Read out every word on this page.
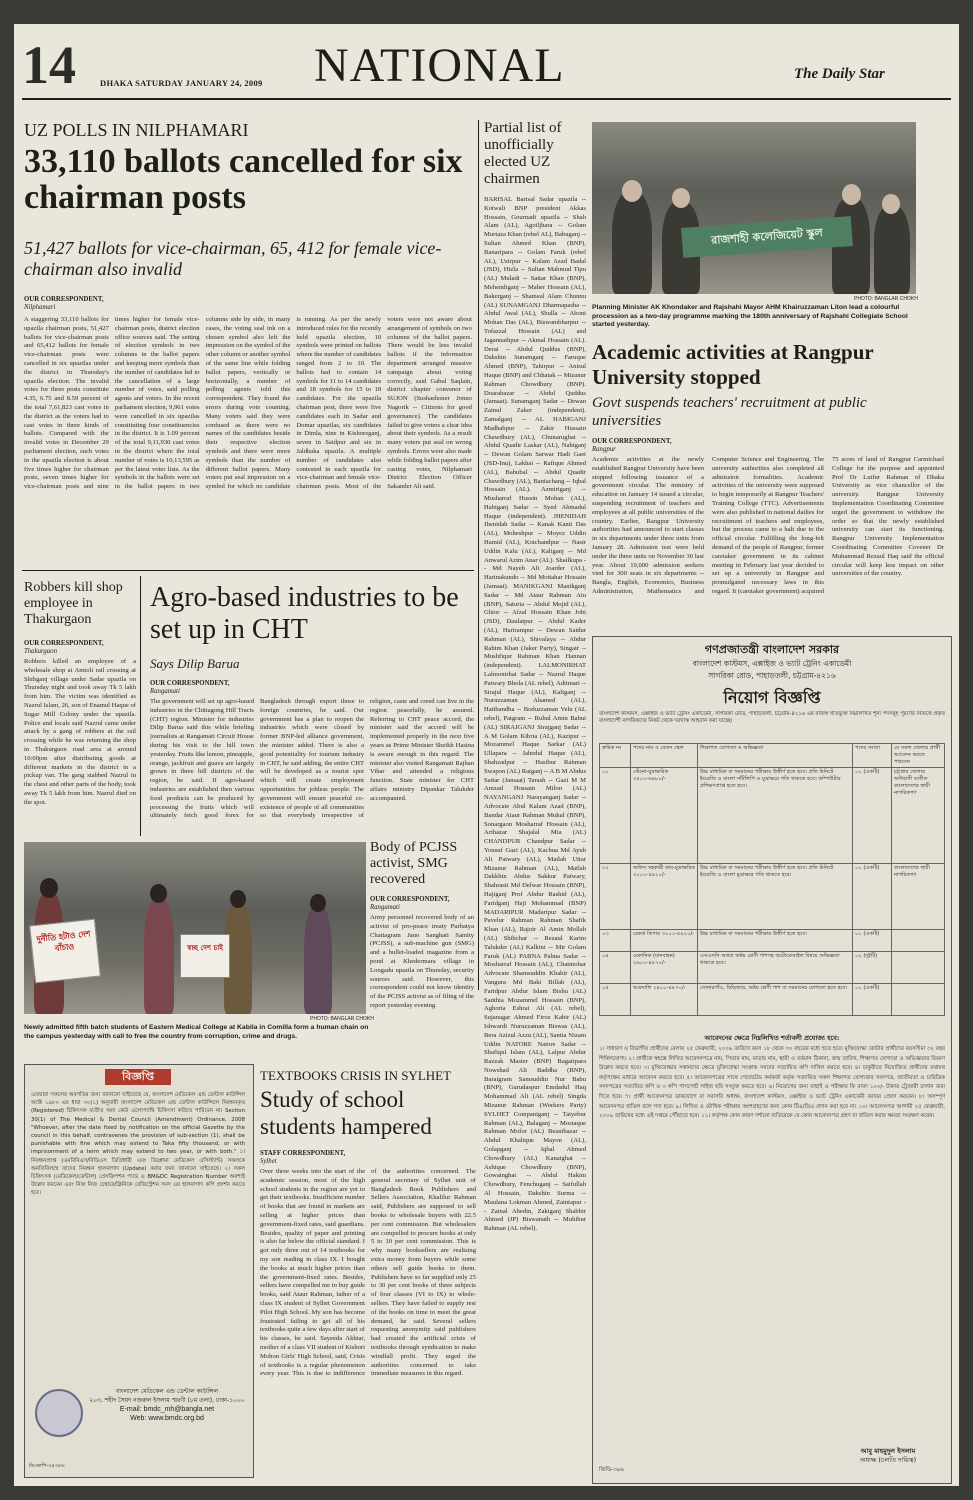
14	DHAKA SATURDAY JANUARY 24, 2009 NATIONAL	The Daily Star
UZ POLLS IN NILPHAMARI
33,110 ballots cancelled for six chairman posts
51,427 ballots for vice-chairman, 65, 412 for female vice-chairman also invalid
OUR CORRESPONDENT,
Nilphamari
A staggering 33,110 ballots for upazila chairman posts, 51,427 ballots for vice-chairman posts and 65,412 ballots for female vice-chairman posts were cancelled in six upazilas under the district in Thursday's upazila election. The invalid votes for three posts constitute 4.35, 6.75 and 8.59 percent of the total 7,61,823 cast votes in the district as the voters had to cast votes in three kinds of ballots. Compared with the invalid votes in December 29 parliament election, such votes in the upazila election is about five times higher for chairman posts, seven times higher for vice-chairman posts and nine times higher for female vice-chairman posts, district election office sources said. The setting of election symbols in two columns in the ballot papers and keeping more symbols than the number of candidates led to the cancellation of a large number of votes, said polling agents and voters. In the recent parliament election, 9,961 votes were cancelled in six upazilas constituting four constituencies in the district. It is 1.09 percent of the total 9,11,930 cast votes in the district where the total number of votes is 10,13,595 as per the latest voter lists. As the symbols in the ballots were set in the ballot papers in two columns side by side, in many cases, the voting seal ink on a chosen symbol also left the impression on the symbol of the other column or another symbol of the same line while folding ballot papers, vertically or horizontally, a number of polling agents told this correspondent. They found the errors during vote counting. Many voters said they were confused as there were no names of the candidates beside their respective election symbols and there were more symbols than the number of different ballot papers. Many voters put seal impression on a symbol for which no candidate is running. As per the newly introduced rules for the recently held upazila election, 10 symbols were printed on ballots where the number of candidates ranged from 2 to 10. The ballots had to contain 14 symbols for 11 to 14 candidates and 18 symbols for 15 to 18 candidates. For the upazila chairman post, there were five candidates each in Sadar and Domar upazilas, six candidates in Dimla, nine in Kishoreganj, seven in Saidpur and six in Jaldhaka upazila. A multiple number of candidates also contested in each upazila for vice-chairman and female vice-chairman posts. Most of the voters were not aware about arrangement of symbols on two columns of the ballot papers. There would be less invalid ballots if the information department arranged massive campaign about voting correctly, said Gabul Saqlain, district chapter convenor of SUJON (Sushashoner Jonno Nagorik -- Citizens for good governance). The candidates failed to give voters a clear idea about their symbols. As a result many voters put seal on wrong symbols. Errors were also made while folding ballot papers after casting votes, Nilphamari District Election Officer Sakander Ali said.
Partial list of unofficially elected UZ chairmen
BARISAL Barisal Sadar upazila -- Kotwali BNP president Akkas Hossain, Gournadi upazila -- Shah Alam (AL), Agoiljhara -- Golam Murtaza Khan (rebel AL), Babuganj -- Sultan Ahmed Khan (BNP), Banaripara -- Golam Faruk (rebel AL), Uzirpur -- Kalam Azad Badal (JSD), Hizla -- Sultan Mahmud Tipu (AL) Muladi -- Sattar Khan (BNP), Mehendiganj -- Maher Hossain (AL), Bakerganj -- Shamsul Alam Chunnu (AL) SUNAMGANJ Dharmapasha -- Abdul Awal (AL), Shulla -- Aboni Mohan Das (AL), Biswambharpur -- Tofazzal Hossain (AL) and Jagannathpur -- Akmal Hossain (AL). Derai -- Abdul Quddus (BNP), Dakshin Sunamganj -- Faruque Ahmed (BNP), Tahirpur -- Anisul Haque (BNP) and Chhatak -- Mizanur Rahman Chowdhury (BNP). Doarabazar -- Abdul Quddus (Jamaat). Sunamganj Sadar -- Dewan Zainul Zaker (independent). Zamalganj -- AL HABIGANJ Madhabpur -- Zakir Hussain Chawdhury (AL), Chunarughat -- Abdul Quadir Laskar (AL), Nabiganj -- Dewan Golam Sarwar Hadi Gaet (JSD-Inu), Lakhai -- Rafique Ahmed (AL), Bahubal -- Abdul Quadir Chawdhury (AL), Baniachang -- Iqbal Hossain (AL). Azmiriganj -- Musharraf Hussin Mohan (AL), Habiganj Sadar -- Syed Ahmadul Haque (independent). JHENIDAH Jhenidah Sadar -- Kanak Kanti Das (AL), Moheshpur -- Moyez Uddin Hamid (AL), Kotchandpur -- Nasir Uddin Kalu (AL), Kaliganj -- Md Anwarul Azim Anar (AL). Shailkupa -- Md Nayeb Ali Joarder (AL), Harinakundo -- Md Mottahar Hossain (Jamaat). MANIKGANJ Manikganj Sadar -- Md Ataur Rahman Atu (BNP), Saturia -- Abdul Mojid (AL), Ghior -- Afzal Hossain Khan Jobi (JSD), Daulatpur -- Abdul Kader (AL), Harirampur -- Dewan Saidur Rahman (AL), Shivalaya -- Abdur Rahim Khan (Jaker Party), Singair -- Mushfiqur Rahman Khan Hannan (independent). LALMONIRHAT Lalmonirhat Sadar -- Nazrul Haque Patwary Bhola (AL rebel), Aditmari -- Sirajul Haque (AL), Kaliganj -- Nuruzzaman Ahamed (AL), Hatibandha -- Boduzzaman Velu (AL rebel), Patgram -- Ruhul Amin Babui (AL) SIRAJGANJ Sirajganj Sadar -- A M Golam Kibria (AL), Kazipur -- Mozammel Haque Sarkar (AL) Ullapara -- Jahedul Haque (AL), Shahzadpur -- Hasibur Rahman Swapon (AL) Raiganj -- A B M Abdus Sattar (Jamaat) Tarash -- Gazi M M Amzad Hossain Milon (AL) NAYANGANJ Narayanganj Sadar -- Advocate Abul Kalam Azad (BNP), Bandar Ataur Rahman Mukul (BNP), Sonargaon Mosharraf Hossain (AL), Arihazar Shajalal Mia (AL) CHANDPUR Chandpur Sadar -- Yousuf Gazi (AL), Kachua Md Ayub Ali Patwary (AL), Matlab Uttar Mizanur Rahman (AL), Matlab Dakkhin Abdus Sakkur Patwary, Shahrasti Md Delwar Hossain (BNP), Hajiganj Prof Abdur Rashid (AL), Faridganj Haji Mohammad (BNP) MADARIPUR Madaripur Sadar -- Pavelur Rahman Rahman Shafik Khan (AL), Rajoir Al Amin Mollah (AL) Shibchar -- Rezaul Karim Talukder (AL) Kalkini -- Mir Golam Faruk (AL) PABNA Pabna Sadar -- Mosharraf Hossain (AL), Chatmohar Advocate Shamsuddin Khabir (AL), Vangura Md Baki Billah (AL), Faridpur Abdur Islam Bishu (AL) Santhia Mozammel Hossain (BNP), Aghoria Eshrat Ali (AL rebel), Sujanagar Ahmed Firoz Kabir (AL) Ishwardi Nuruzzaman Biswas (AL), Bera Azizul Azzu (AL), Santia Nizam Uddin NATORE Natore Sadar -- Shafiqul Islam (AL), Lalpur Abdur Razzak Master (BNP) Bagatipara Nowshad Ali Baddha (BNP), Baraigram Samsuddin Nur Babu (BNP), Gurudaspur Emdadul Haq Mohammad Ali (AL rebel) Singda Mizanur Rahman (Workers Party) SYLHET Companiganj -- Taiyebur Rahman (AL), Balaganj -- Mostaque Rahman Mofor (AL) Beanibazar -- Abdul Khalique Mayon (AL), Golapganj -- Iqbal Ahmed Chowdhury (AL) Kanaighat -- Ashique Chowdhury (BNP), Gowainghat -- Abdul Hakim Chowdhury, Fenchuganj -- Saifullah Al Hossain, Dakshin Surma -- Maulana Lokman Ahmed, Zaintapur -- Zainal Abedin, Zakiganj Shabbir Ahmed (JP) Biswanath -- Muhibur Rahman (AL rebel).
রাজশাহী কলেজিয়েট স্কুল
PHOTO: BANGLAR CHOKH
Planning Minister AK Khondaker and Rajshahi Mayor AHM Khairuzzaman Liton lead a colourful procession as a two-day programme marking the 180th anniversary of Rajshahi Collegiate School started yesterday.
Academic activities at Rangpur University stopped
Govt suspends teachers' recruitment at public universities
OUR CORRESPONDENT,
Rangpur
Academic activities at the newly established Rangpur University have been stopped following issuance of a government circular. The ministry of education on January 14 issued a circular, suspending recruitment of teachers and employees at all public universities of the country. Earlier, Rangpur University authorities had announced to start classes in six departments under three units from January 28. Admission test were held under the three units on November 30 last year. About 19,000 admission seekers vied for 300 seats in six departments -- Bangla, English, Economics, Business Administration, Mathematics and Computer Science and Engineering. The university authorities also completed all admission formalities. Academic activities of the university were supposed to begin temporarily at Rangpur Teachers' Training College (TTC). Advertisements were also published in national dailies for recruitment of teachers and employees, but the process came to a halt due to the official circular. Fulfilling the long-felt demand of the people of Rangpur, former caretaker government in its cabinet meeting in February last year decided to set up a university in Rangpur and promulgated necessary laws in this regard. It (caretaker government) acquired 75 acres of land of Rangpur Carmichael College for the purpose and appointed Prof Dr Lutfur Rahman of Dhaka University as vice chancellor of the university. Rangpur University Implementation Coordinating Committee urged the government to withdraw the order so that the newly established university can start its functioning. Rangpur University Implementation Coordinating Committee Covener Dr Muhammad Rezaul Haq said the official circular will keep less impact on other universities of the country.
Robbers kill shop employee in Thakurgaon
OUR CORRESPONDENT,
Thakurgaon
Robbers killed an employee of a wholesale shop at Amtoli rail crossing at Shibganj village under Sadar upazila on Thursday night and took away Tk 5 lakh from him. The victim was identified as Nazrul Islam, 26, son of Enamul Haque of Sugar Mill Colony under the upazila. Police and locals said Nazrul came under attack by a gang of robbers at the rail crossing while he was returning the shop in Thakurgaon road area at around 10:00pm after distributing goods at different markets in the district in a pickup van. The gang stabbed Nazrul in the chest and other parts of the body, took away Tk 5 lakh from him. Nazrul died on the spot.
Agro-based industries to be set up in CHT
Says Dilip Barua
OUR CORRESPONDENT,
Rangamati
The government will set up agro-based industries in the Chittagong Hill Tracts (CHT) region. Minister for industries Dilip Barua said this while briefing journalists at Rangamati Circuit House during his visit to the hill town yesterday. Fruits like lemon, pineapple, orange, jackfruit and guava are largely grown in three hill districts of the region, he said. If agro-based industries are established then various food products can be produced by processing the fruits which will ultimately fetch good forex for Bangladesh through export those to foreign countries, he said. Our government has a plan to reopen the industries which were closed by former BNP-led alliance government, the minister added. There is also a good potentiality for tourism industry in CHT, he said adding, the entire CHT will be developed as a tourist spot which will create employment opportunities for jobless people. The government will ensure peaceful co-existence of people of all communities so that everybody irrespective of religion, caste and creed can live in the region peacefully, he assured. Referring to CHT peace accord, the minister said the accord will be implemented properly in the next five years as Prime Minister Sheikh Hasina is aware enough in this regard. The minister also visited Rangamati Rajban Vihar and attended a religious function. State minister for CHT affairs ministry Dipankar Talukder accompanied.
দুর্নীতি হটাও দেশ বাঁচাও	স্বচ্ছ দেশ চাই
PHOTO: BANGLAR CHOKH
Newly admitted fifth batch students of Eastern Medical College at Kabila in Comilla form a human chain on the campus yesterday with call to free the country from corruption, crime and drugs.
Body of PCJSS activist, SMG recovered
OUR CORRESPONDENT,
Rangamati
Army personnel recovered body of an activist of pro-peace treaty Purbatya Chattagram Jano Sanghati Samity (PCJSS), a sub-machine gun (SMG) and a bullet-loaded magazine from a pond at Khedermara village in Longadu upazila on Thursday, security sources said. However, this correspondent could not know identity of the PCJSS activist as of filing of the report yesterday evening.
বিজ্ঞপ্তি
এতদ্বারা সকলের অবগতির জন্য জানানো যাইতেছে যে, বাংলাদেশ মেডিকেল এন্ড ডেন্টাল কাউন্সিল অ্যাক্ট ১৯৮০ এর ধারা ৩০(১) অনুযায়ী বাংলাদেশ মেডিকেল এন্ড ডেন্টাল কাউন্সিলে নিবন্ধনকৃত (Registered) চিকিৎসক ব্যতীত অন্য কেউ এলোপ্যাথি চিকিৎসা করিতে পারিবেন না। Section 30(1) of The Medical & Dental Council (Amendment) Ordinance, 2008 "Whoever, after the date fixed by notification on the official Gazette by the council in this behalf, contravenes the provision of sub-section (1), shall be punishable with fine which may extend to Taka fifty thousand, or with imprisonment of a term which may extend to two year, or with both." ১। নিবন্ধনপ্রাপ্ত (এমবিবিএস/বিডিএস ডিগ্রিধারী এবং ডিপ্লোমা মেডিকেল এসিস্ট্যান্ট) সকলকে অনতিবিলম্বে তাদের নিবন্ধন হালনাগাদ (Update) করার জন্য জানানো যাইতেছে। ২। সকল চিকিৎসক (মেডিকেল/ডেন্টাল) প্রেসক্রিপশন প্যাড এ BM&DC Registration Number অবশ্যই উল্লেখ করবেন এবং নিজ নিজ চেম্বারে/ক্লিনিকে রেজিস্ট্রেশন সনদ এর হালনাগাদ কপি প্রদর্শন করতে হবে।
বাংলাদেশ মেডিকেল এন্ড ডেন্টাল কাউন্সিল
২০৩, শহীদ সৈয়দ নজরুল ইসলাম স্মরণী (৮ম তলা), ঢাকা-১০০০
E-mail: bmdc_mh@bangla.net
Web: www.bmdc.org.bd
ডিএফপি-৩৫৩৫৬
TEXTBOOKS CRISIS IN SYLHET
Study of school students hampered
STAFF CORRESPONDENT,
Sylhet
Over three weeks into the start of the academic session, most of the high school students in the region are yet to get their textbooks. Insufficient number of books that are found in markets are selling at higher prices than government-fixed rates, said guardians. Besides, quality of paper and printing is also far below the official standard. I got only three out of 14 textbooks for my son reading in class IX. I bought the books at much higher prices than the government-fixed rates. Besides, sellers have compelled me to buy guide books, said Ataur Rahman, father of a class IX student of Sylhet Government Pilot High School. My son has become frustrated failing to get all of his textbooks quite a few days after start of his classes, he said. Sayeeda Akhtar, mother of a class VII student of Kishori Mohon Girls' High School, said, Crisis of textbooks is a regular phenomenon every year. This is due to indifference of the authorities concerned. The general secretary of Sylhet unit of Bangladesh Book Publishers and Sellers Association, Khalilur Rahman said, Publishers are supposed to sell books to wholesale buyers with 22.5 per cent commission. But wholesalers are compelled to procure books at only 5 to 10 per cent commission. This is why many booksellers are realising extra money from buyers while some others sell guide books to them. Publishers have so far supplied only 25 to 30 per cent books of three subjects of four classes (VI to IX) to whole-sellers. They have failed to supply rest of the books on time to meet the great demand, he said. Several sellers requesting anonymity said publishers had created the artificial crisis of textbooks through syndication to make windfall profit. They urged the authorities concerned to take immediate measures in this regard.
গণপ্রজাতন্ত্রী বাংলাদেশ সরকার
বাংলাদেশ কাস্টমস, এক্সাইজ ও ভ্যাট ট্রেনিং একাডেমী
সাগরিকা রোড, পাহাড়তলী, চট্টগ্রাম-৪২১৬
নিয়োগ বিজ্ঞপ্তি
বাংলাদেশ কাস্টমস, এক্সাইজ ও ভ্যাট ট্রেনিং একাডেমী, সাগরিকা রোড, পাহাড়তলী, চট্টগ্রাম-৪২১৬ এর রাজস্ব খাতভুক্ত নিম্নলিখিত শূন্য পদসমূহ পূরণের নিমিত্তে প্রকৃত বাংলাদেশী নাগরিকদের নিকট থেকে দরখাস্ত আহবান করা যাচ্ছে।
ক্রমিক নং	পদের নাম ও বেতন স্কেল	শিক্ষাগত যোগ্যতা ও অভিজ্ঞতা	পদের সংখ্যা	যে সকল জেলার প্রার্থী আবেদন করতে পারবেন
০১	স্টেনো-মুদ্রাক্ষরিক ৩৫০০-৬৯৮০/-	উচ্চ মাধ্যমিক বা সমমানের পরীক্ষায় উত্তীর্ণ হতে হবে। প্রতি মিনিটে ইংরেজি ও বাংলা সাঁটলিপি ও মুদ্রাক্ষরে গতি থাকতে হবে। কম্পিউটার প্রশিক্ষণপ্রাপ্ত হতে হবে।	০১ (একটি)	চট্টগ্রাম জেলার অধিবাসী ব্যতীত বাংলাদেশের স্থায়ী নাগরিকগণ
০২	অফিস সহকারী কাম-মুদ্রাক্ষরিক ৩০০০-৫৯২০/-	উচ্চ মাধ্যমিক বা সমমানের পরীক্ষায় উত্তীর্ণ হতে হবে। প্রতি মিনিটে ইংরেজি ও বাংলা মুদ্রাক্ষরে গতি থাকতে হবে।	০১ (একটি)	বাংলাদেশের স্থায়ী নাগরিকগণ
০৩	রেকর্ড কিপার ৩০০০-৫৯২০/-	উচ্চ মাধ্যমিক বা সমমানের পরীক্ষায় উত্তীর্ণ হতে হবে।	০১ (একটি)	
০৪	মেকানিক (যানবাহন) ২৬০০-৪৮৭০/-	এসএসসি অথবা অষ্টম শ্রেণী পাশসহ অটোমোবাইল বিষয়ে অভিজ্ঞতা থাকতে হবে।	০২ (দুইটি)	
০৫	আরদালি ২৪০০-৪৮৭০/-	সোনারগাঁও, বিড়িজার, অষ্টম শ্রেণী পাশ বা সমমানের যোগ্যতা হতে হবে।	০১ (একটি)	
আবেদনের ক্ষেত্রে নিম্নলিখিত শর্তাবলী প্রযোজ্য হবে:
১। সাধারণ ও বিভাগীয় প্রার্থীদের বেলায় ২৫ ফেব্রুয়ারী, ২০০৯ তারিখে বয়স ১৮ থেকে ৩০ বছরের মধ্যে হতে হবে। মুক্তিযোদ্ধা কোটার প্রার্থীদের বয়সসীমা ৩২ বছর শিথিলযোগ্য। ২। প্রার্থীকে স্বহস্তে লিখিত আবেদনপত্রে নাম, পিতার নাম, মাতার নাম, স্থায়ী ও বর্তমান ঠিকানা, জন্ম তারিখ, শিক্ষাগত যোগ্যতা ও অভিজ্ঞতার বিবরণ উল্লেখ করতে হবে। ৩। মুক্তিযোদ্ধার সন্তানদের ক্ষেত্রে মুক্তিযোদ্ধা সংক্রান্ত সনদের সত্যায়িত কপি দাখিল করতে হবে। ৪। চাকুরীতে নিয়োজিত প্রার্থীদের যথাযথ কর্তৃপক্ষের মাধ্যমে আবেদন করতে হবে। ৫। আবেদনপত্রের সাথে গেজেটেড কর্মকর্তা কর্তৃক সত্যায়িত সকল শিক্ষাগত যোগ্যতার সনদপত্র, জাতীয়তা ও চারিত্রিক সনদপত্রের সত্যায়িত কপি ও ৩ কপি পাসপোর্ট সাইজ ছবি সংযুক্ত করতে হবে। ৬। নিয়োগের জন্য বাছাই ও পরীক্ষার ফি বাবদ ১০০/- টাকার ট্রেজারী চালান জমা দিতে হবে। ৭। প্রার্থী আবেদনপত্র ডাকযোগে বা সরাসরি অধ্যক্ষ, বাংলাদেশ কাস্টমস, এক্সাইজ ও ভ্যাট ট্রেনিং একাডেমী বরাবর প্রেরণ করবেন। ৮। অসম্পূর্ণ আবেদনপত্র বাতিল বলে গণ্য হবে। ৯। লিখিত ও মৌখিক পরীক্ষায় অংশগ্রহণের জন্য কোন টিএ/ডিএ প্রদান করা হবে না। ১০। আবেদনপত্র আগামী ২৫ ফেব্রুয়ারী, ২০০৯ তারিখের মধ্যে এই দপ্তরে পৌঁছাতে হবে। ১১। কর্তৃপক্ষ কোন কারণ দর্শানো ব্যতিরেকে যে কোন আবেদনপত্র গ্রহণ বা বাতিল করার ক্ষমতা সংরক্ষণ করেন।
আবু মাহমুদুল ইসলাম
অধ্যক্ষ (চলতি দায়িত্ব)
জিডি-৩৯৬
